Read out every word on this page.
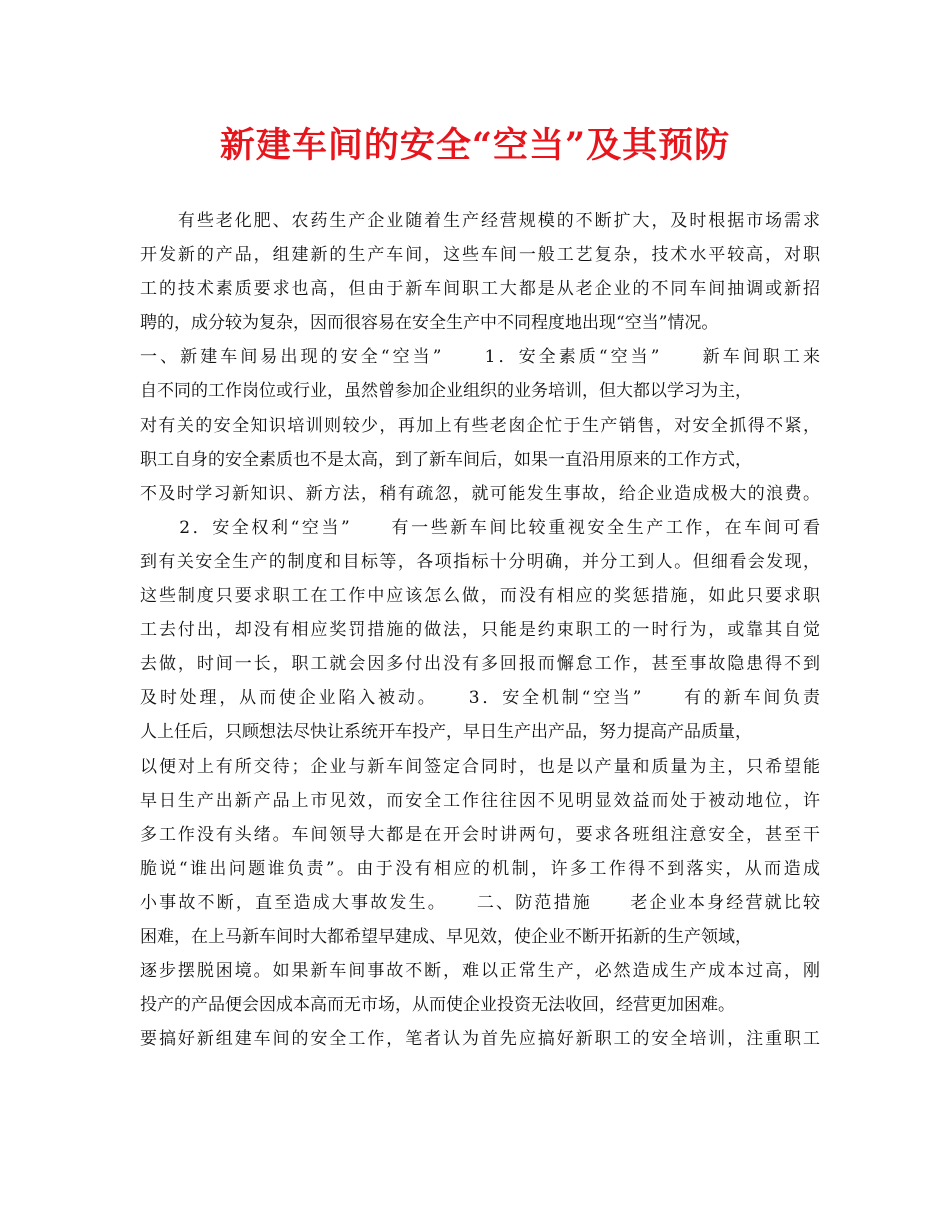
新建车间的安全“空当”及其预防
　　有些老化肥、农药生产企业随着生产经营规模的不断扩大，及时根据市场需求
开发新的产品，组建新的生产车间，这些车间一般工艺复杂，技术水平较高，对职
工的技术素质要求也高，但由于新车间职工大都是从老企业的不同车间抽调或新招
聘的，成分较为复杂，因而很容易在安全生产中不同程度地出现“空当”情况。
一、新建车间易出现的安全“空当”　　1．安全素质“空当”　　新车间职工来
自不同的工作岗位或行业，虽然曾参加企业组织的业务培训，但大都以学习为主，
对有关的安全知识培训则较少，再加上有些老囱企忙于生产销售，对安全抓得不紧，
职工自身的安全素质也不是太高，到了新车间后，如果一直沿用原来的工作方式，
不及时学习新知识、新方法，稍有疏忽，就可能发生事故，给企业造成极大的浪费。
　　2．安全权利“空当”　　有一些新车间比较重视安全生产工作，在车间可看
到有关安全生产的制度和目标等，各项指标十分明确，并分工到人。但细看会发现，
这些制度只要求职工在工作中应该怎么做，而没有相应的奖惩措施，如此只要求职
工去付出，却没有相应奖罚措施的做法，只能是约束职工的一时行为，或靠其自觉
去做，时间一长，职工就会因多付出没有多回报而懈怠工作，甚至事故隐患得不到
及时处理，从而使企业陷入被动。　　3．安全机制“空当”　　有的新车间负责
人上任后，只顾想法尽快让系统开车投产，早日生产出产品，努力提高产品质量，
以便对上有所交待；企业与新车间签定合同时，也是以产量和质量为主，只希望能
早日生产出新产品上市见效，而安全工作往往因不见明显效益而处于被动地位，许
多工作没有头绪。车间领导大都是在开会时讲两句，要求各班组注意安全，甚至干
脆说“谁出问题谁负责”。由于没有相应的机制，许多工作得不到落实，从而造成
小事故不断，直至造成大事故发生。　　二、防范措施　　老企业本身经营就比较
困难，在上马新车间时大都希望早建成、早见效，使企业不断开拓新的生产领域，
逐步摆脱困境。如果新车间事故不断，难以正常生产，必然造成生产成本过高，刚
投产的产品便会因成本高而无市场，从而使企业投资无法收回，经营更加困难。
要搞好新组建车间的安全工作，笔者认为首先应搞好新职工的安全培训，注重职工
